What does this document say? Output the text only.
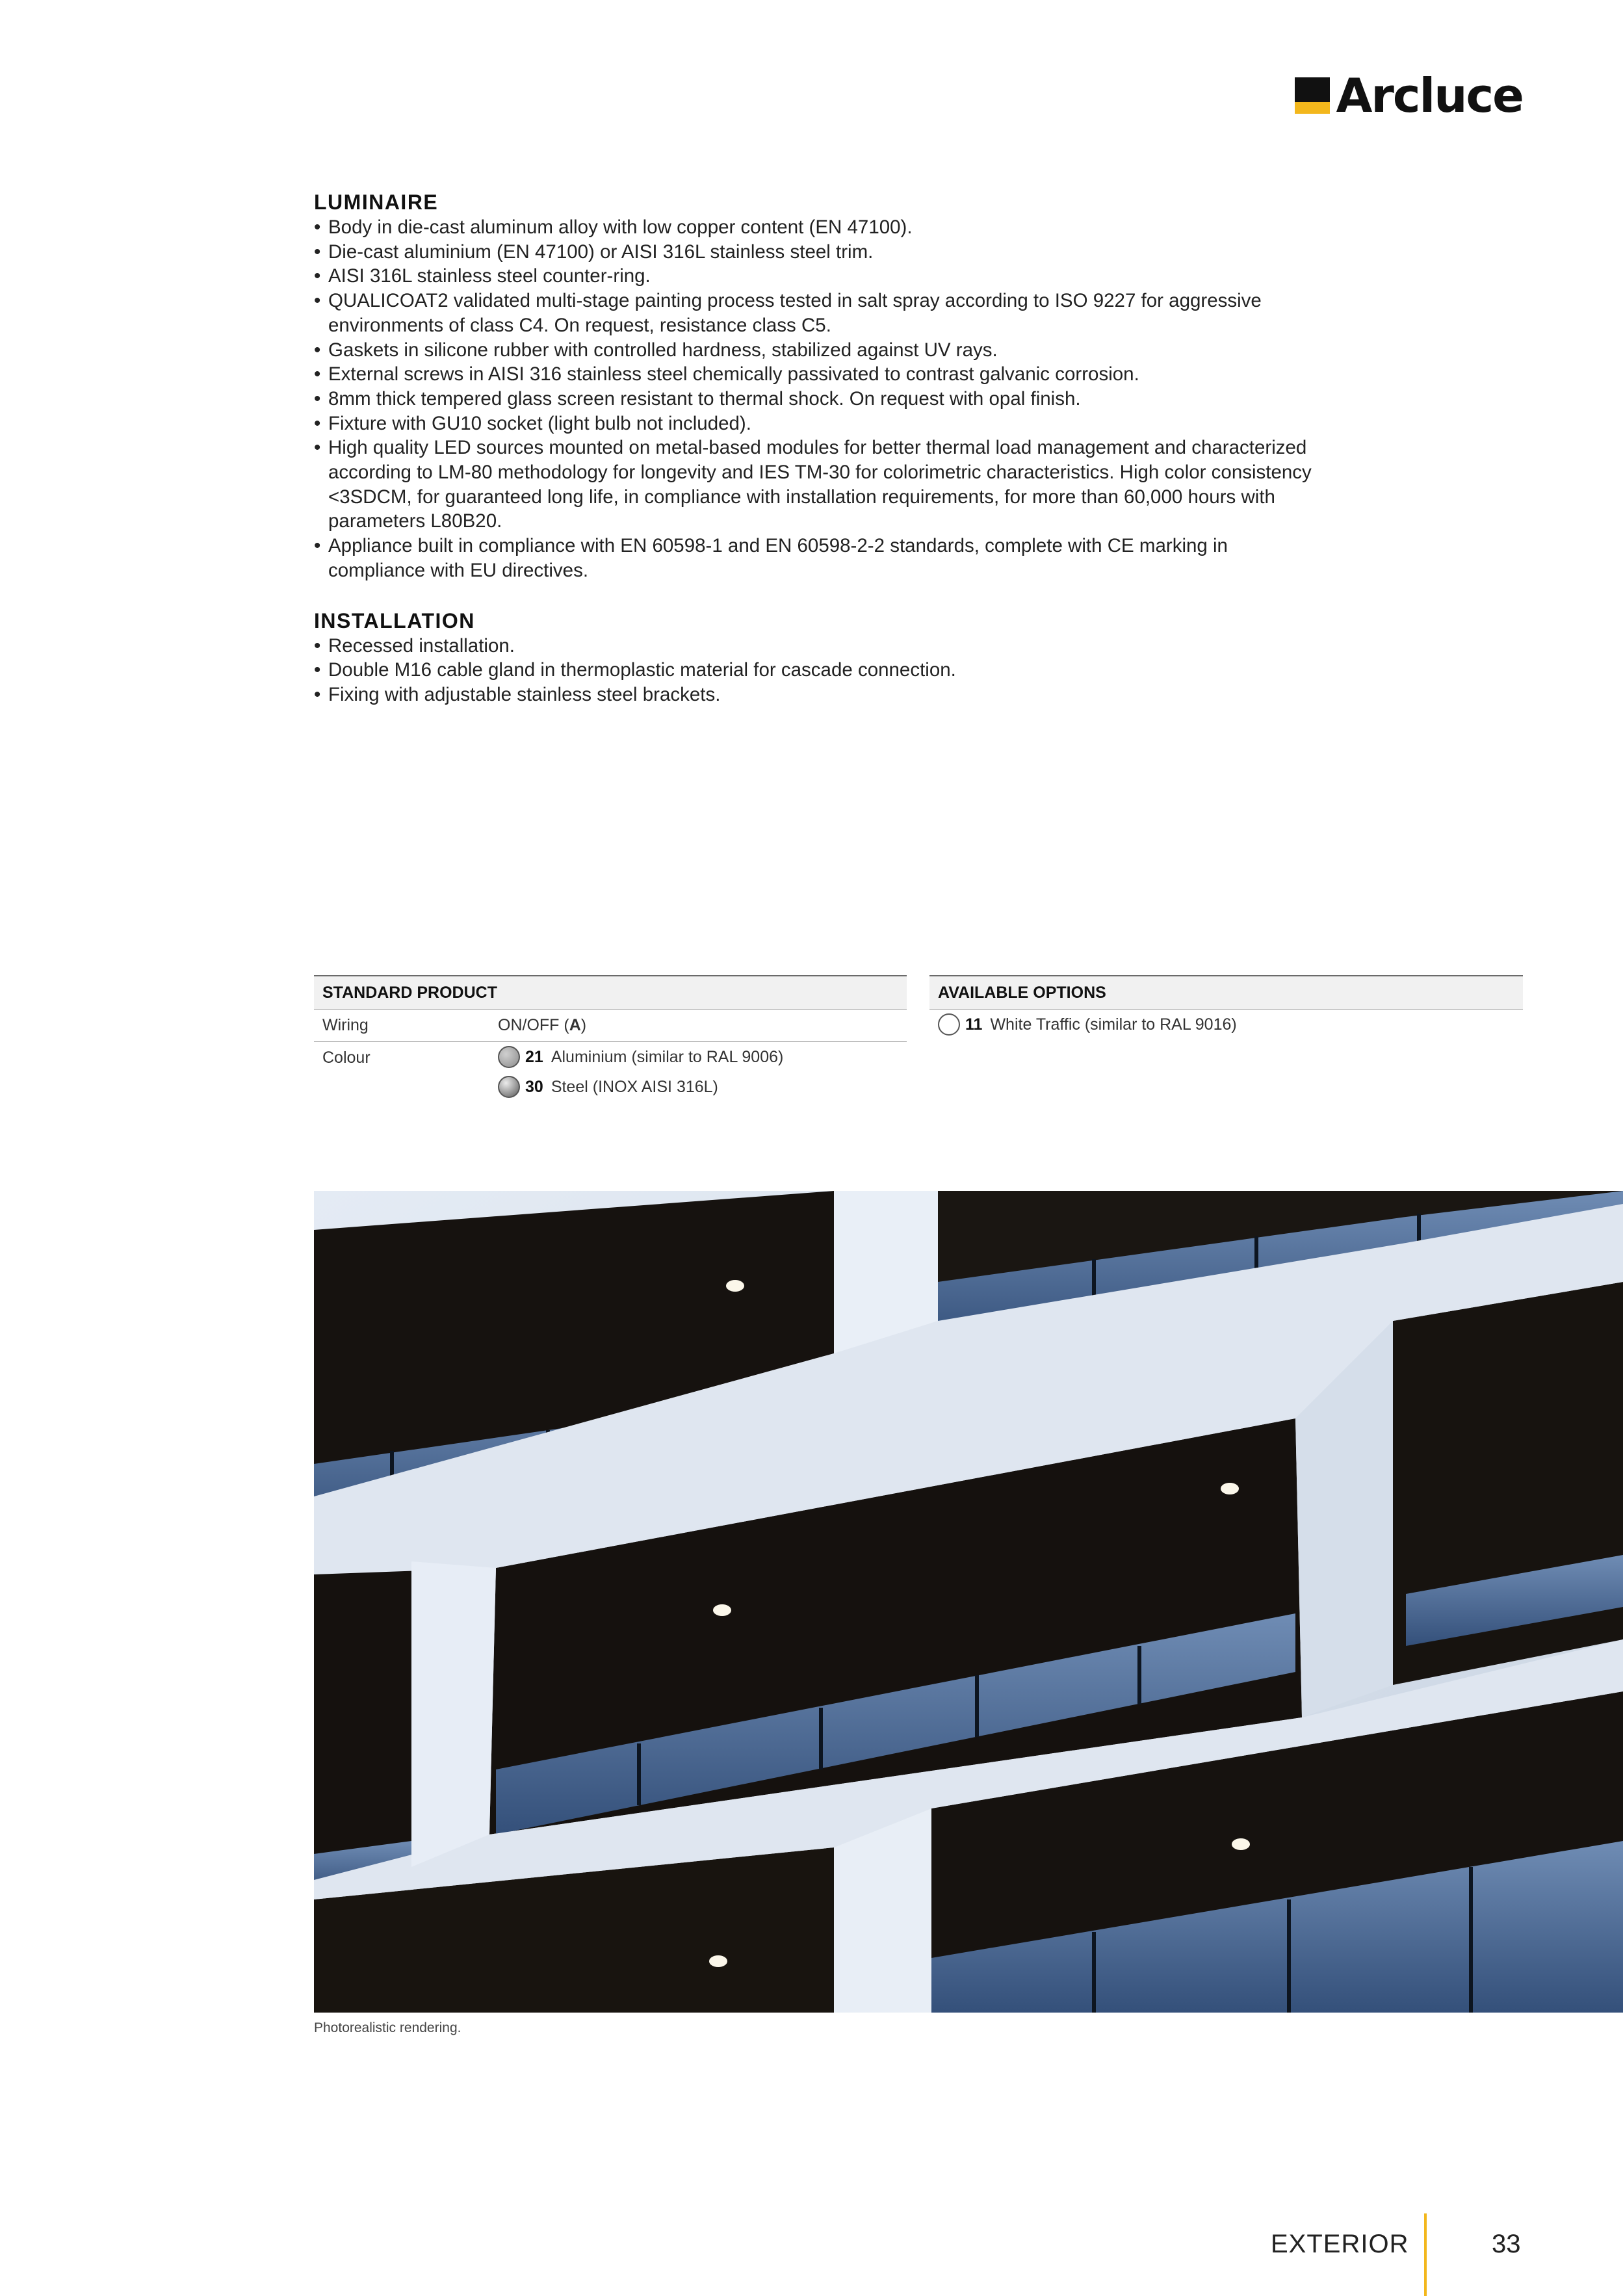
Arcluce
LUMINAIRE
• Body in die-cast aluminum alloy with low copper content (EN 47100).
• Die-cast aluminium (EN 47100) or AISI 316L stainless steel trim.
• AISI 316L stainless steel counter-ring.
• QUALICOAT2 validated multi-stage painting process tested in salt spray according to ISO 9227 for aggressive environments of class C4. On request, resistance class C5.
• Gaskets in silicone rubber with controlled hardness, stabilized against UV rays.
• External screws in AISI 316 stainless steel chemically passivated to contrast galvanic corrosion.
• 8mm thick tempered glass screen resistant to thermal shock. On request with opal finish.
• Fixture with GU10 socket (light bulb not included).
• High quality LED sources mounted on metal-based modules for better thermal load management and characterized according to LM-80 methodology for longevity and IES TM-30 for colorimetric characteristics. High color consistency <3SDCM, for guaranteed long life, in compliance with installation requirements, for more than 60,000 hours with parameters L80B20.
• Appliance built in compliance with EN 60598-1 and EN 60598-2-2 standards, complete with CE marking in compliance with EU directives.
INSTALLATION
• Recessed installation.
• Double M16 cable gland in thermoplastic material for cascade connection.
• Fixing with adjustable stainless steel brackets.
STANDARD PRODUCT
Wiring	ON/OFF (A)
Colour	21 Aluminium (similar to RAL 9006)
30 Steel (INOX AISI 316L)
AVAILABLE OPTIONS
11 White Traffic (similar to RAL 9016)
Photorealistic rendering.
EXTERIOR	33
